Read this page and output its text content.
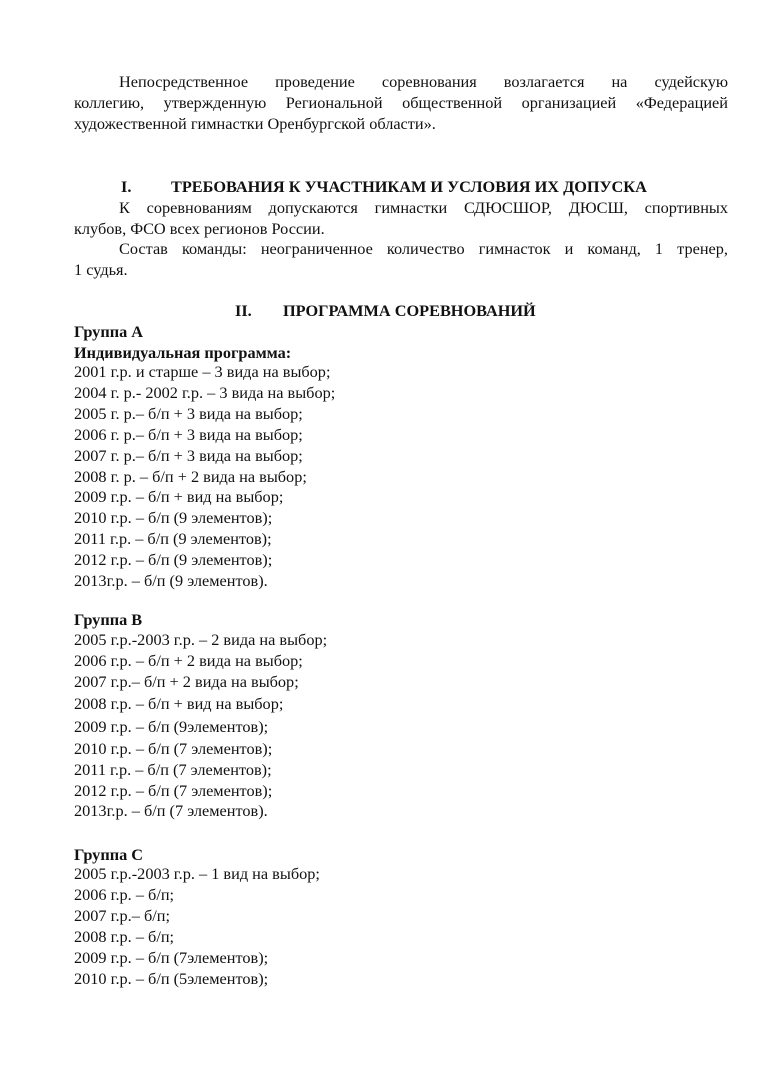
Непосредственное проведение соревнования возлагается на судейскую
коллегию, утвержденную Региональной общественной организацией «Федерацией
художественной гимнастки Оренбургской области».
I. ТРЕБОВАНИЯ К УЧАСТНИКАМ И УСЛОВИЯ ИХ ДОПУСКА
К соревнованиям допускаются гимнастки СДЮСШОР, ДЮСШ, спортивных
клубов, ФСО всех регионов России.
Состав команды: неограниченное количество гимнасток и команд, 1 тренер,
1 судья.
II. ПРОГРАММА СОРЕВНОВАНИЙ
Группа А
Индивидуальная программа:
2001 г.р. и старше – 3 вида на выбор;
2004 г. р.- 2002 г.р. – 3 вида на выбор;
2005 г. р.– б/п + 3 вида на выбор;
2006 г. р.– б/п + 3 вида на выбор;
2007 г. р.– б/п + 3 вида на выбор;
2008 г. р. – б/п + 2 вида на выбор;
2009 г.р. – б/п + вид на выбор;
2010 г.р. – б/п (9 элементов);
2011 г.р. – б/п (9 элементов);
2012 г.р. – б/п (9 элементов);
2013г.р. – б/п (9 элементов).
Группа В
2005 г.р.-2003 г.р. – 2 вида на выбор;
2006 г.р. – б/п + 2 вида на выбор;
2007 г.р.– б/п + 2 вида на выбор;
2008 г.р. – б/п + вид на выбор;
2009 г.р. – б/п (9элементов);
2010 г.р. – б/п (7 элементов);
2011 г.р. – б/п (7 элементов);
2012 г.р. – б/п (7 элементов);
2013г.р. – б/п (7 элементов).
Группа С
2005 г.р.-2003 г.р. – 1 вид на выбор;
2006 г.р. – б/п;
2007 г.р.– б/п;
2008 г.р. – б/п;
2009 г.р. – б/п (7элементов);
2010 г.р. – б/п (5элементов);
